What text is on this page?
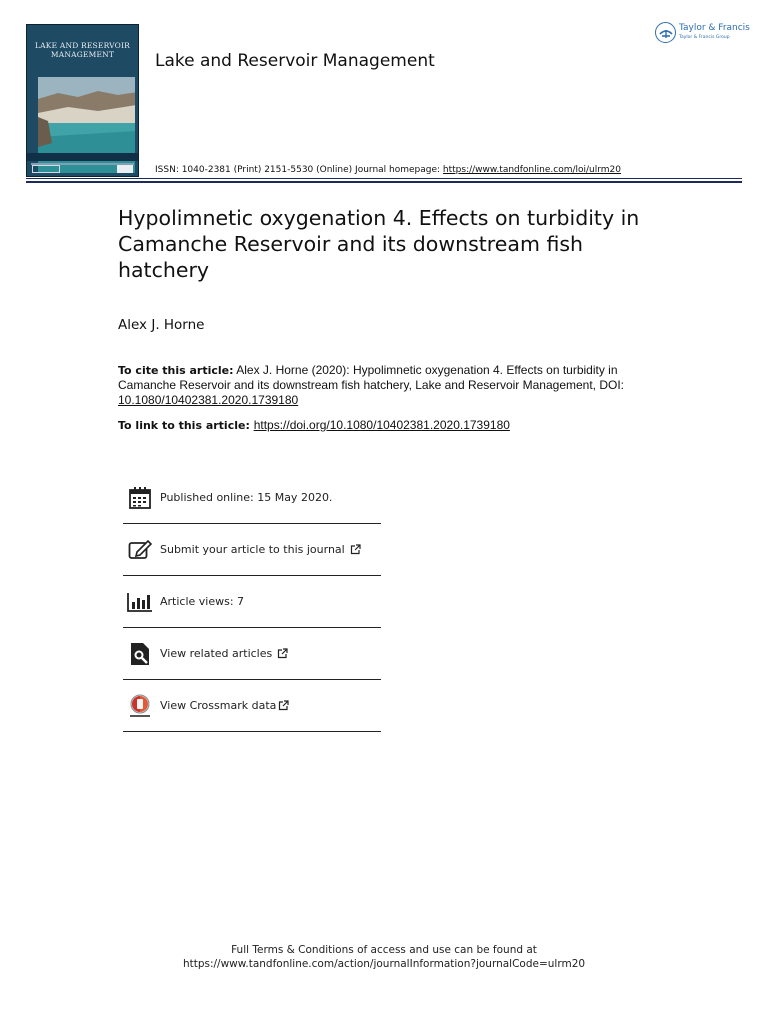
LAKE AND RESERVOIR
MANAGEMENT	Lake and Reservoir Management
ISSN: 1040-2381 (Print) 2151-5530 (Online) Journal homepage: https://www.tandfonline.com/loi/ulrm20
Taylor & Francis
Taylor & Francis Group
Hypolimnetic oxygenation 4. Effects on turbidity in Camanche Reservoir and its downstream fish hatchery
Alex J. Horne
To cite this article: Alex J. Horne (2020): Hypolimnetic oxygenation 4. Effects on turbidity in Camanche Reservoir and its downstream fish hatchery, Lake and Reservoir Management, DOI: 10.1080/10402381.2020.1739180
To link to this article: https://doi.org/10.1080/10402381.2020.1739180
Published online: 15 May 2020.
Submit your article to this journal
Article views: 7
View related articles
View Crossmark data
Full Terms & Conditions of access and use can be found at
https://www.tandfonline.com/action/journalInformation?journalCode=ulrm20
